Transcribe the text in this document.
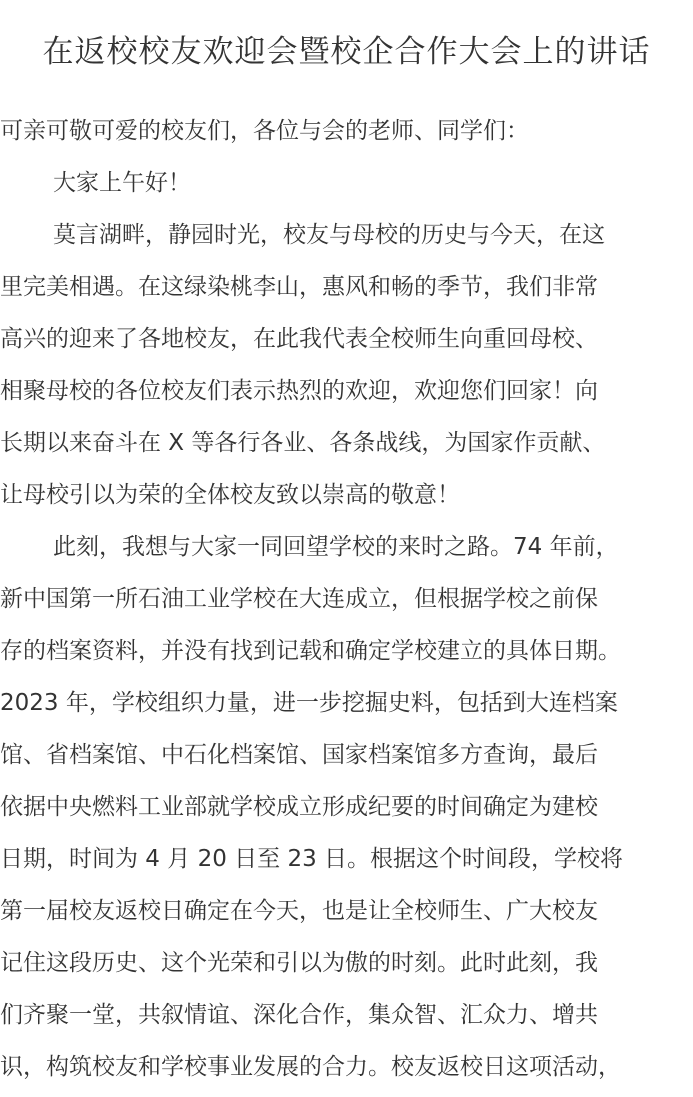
在返校校友欢迎会暨校企合作大会上的讲话
可亲可敬可爱的校友们，各位与会的老师、同学们：
大家上午好！
莫言湖畔，静园时光，校友与母校的历史与今天，在这
里完美相遇。在这绿染桃李山，惠风和畅的季节，我们非常
高兴的迎来了各地校友，在此我代表全校师生向重回母校、
相聚母校的各位校友们表示热烈的欢迎，欢迎您们回家！向
长期以来奋斗在 X 等各行各业、各条战线，为国家作贡献、
让母校引以为荣的全体校友致以崇高的敬意！
此刻，我想与大家一同回望学校的来时之路。74 年前，
新中国第一所石油工业学校在大连成立，但根据学校之前保
存的档案资料，并没有找到记载和确定学校建立的具体日期。
2023 年，学校组织力量，进一步挖掘史料，包括到大连档案
馆、省档案馆、中石化档案馆、国家档案馆多方查询，最后
依据中央燃料工业部就学校成立形成纪要的时间确定为建校
日期，时间为 4 月 20 日至 23 日。根据这个时间段，学校将
第一届校友返校日确定在今天，也是让全校师生、广大校友
记住这段历史、这个光荣和引以为傲的时刻。此时此刻，我
们齐聚一堂，共叙情谊、深化合作，集众智、汇众力、增共
识，构筑校友和学校事业发展的合力。校友返校日这项活动，
